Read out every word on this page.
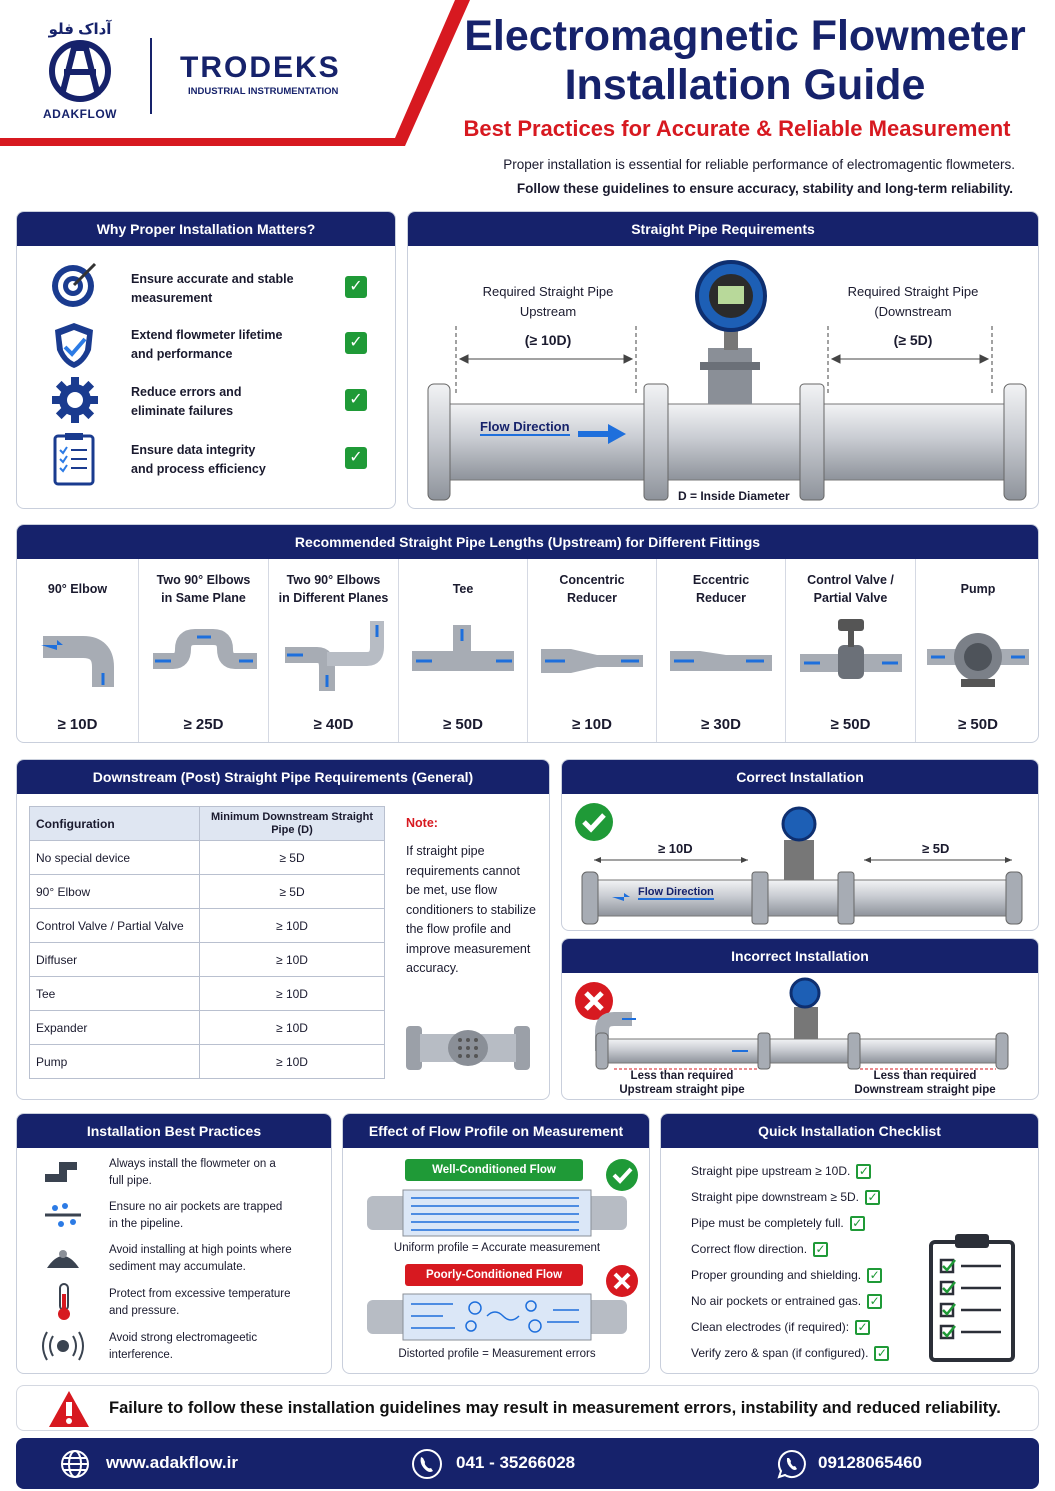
آداک فلو
ADAKFLOW
TRODEKS
INDUSTRIAL INSTRUMENTATION
Electromagnetic Flowmeter
Installation Guide
Best Practices for Accurate & Reliable Measurement
Proper installation is essential for reliable performance of electromagentic flowmeters.
Follow these guidelines to ensure accuracy, stability and long-term reliability.
Why Proper Installation Matters?
Ensure accurate and stable
measurement
✓
Extend flowmeter lifetime
and performance
✓
Reduce errors and
eliminate failures
✓
Ensure data integrity
and process efficiency
✓
Straight Pipe Requirements
Required Straight Pipe
Upstream
(≥ 10D)
Required Straight Pipe
(Downstream
(≥ 5D)
Flow Direction
D = Inside Diameter
Recommended Straight Pipe Lengths (Upstream) for Different Fittings
90° Elbow
≥ 10D
Two 90° Elbows
in Same Plane
≥ 25D
Two 90° Elbows
in Different Planes
≥ 40D
Tee
≥ 50D
Concentric
Reducer
≥ 10D
Eccentric
Reducer
≥ 30D
Control Valve /
Partial Valve
≥ 50D
Pump
≥ 50D
Downstream (Post) Straight Pipe Requirements (General)
Configuration	Minimum Downstream Straight Pipe (D)
No special device	≥ 5D
90° Elbow	≥ 5D
Control Valve / Partial Valve	≥ 10D
Diffuser	≥ 10D
Tee	≥ 10D
Expander	≥ 10D
Pump	≥ 10D
Note:
If straight pipe requirements cannot be met, use flow conditioners to stabilize the flow profile and improve measurement accuracy.
Correct Installation
≥ 10D	≥ 5D
Flow Direction
Incorrect Installation
Less than required
Upstream straight pipe
Less than required
Downstream straight pipe
Installation Best Practices
Always install the flowmeter on a
full pipe.
Ensure no air pockets are trapped
in the pipeline.
Avoid installing at high points where
sediment may accumulate.
Protect from excessive temperature
and pressure.
Avoid strong electromageetic
interference.
Effect of Flow Profile on Measurement
Well-Conditioned Flow
Uniform profile = Accurate measurement
Poorly-Conditioned Flow
Distorted profile = Measurement errors
Quick Installation Checklist
Straight pipe upstream ≥ 10D. ✓
Straight pipe downstream ≥ 5D. ✓
Pipe must be completely full. ✓
Correct flow direction. ✓
Proper grounding and shielding. ✓
No air pockets or entrained gas. ✓
Clean electrodes (if required): ✓
Verify zero & span (if configured). ✓
Failure to follow these installation guidelines may result in measurement errors, instability and reduced reliability.
www.adakflow.ir	041 - 35266028	09128065460
